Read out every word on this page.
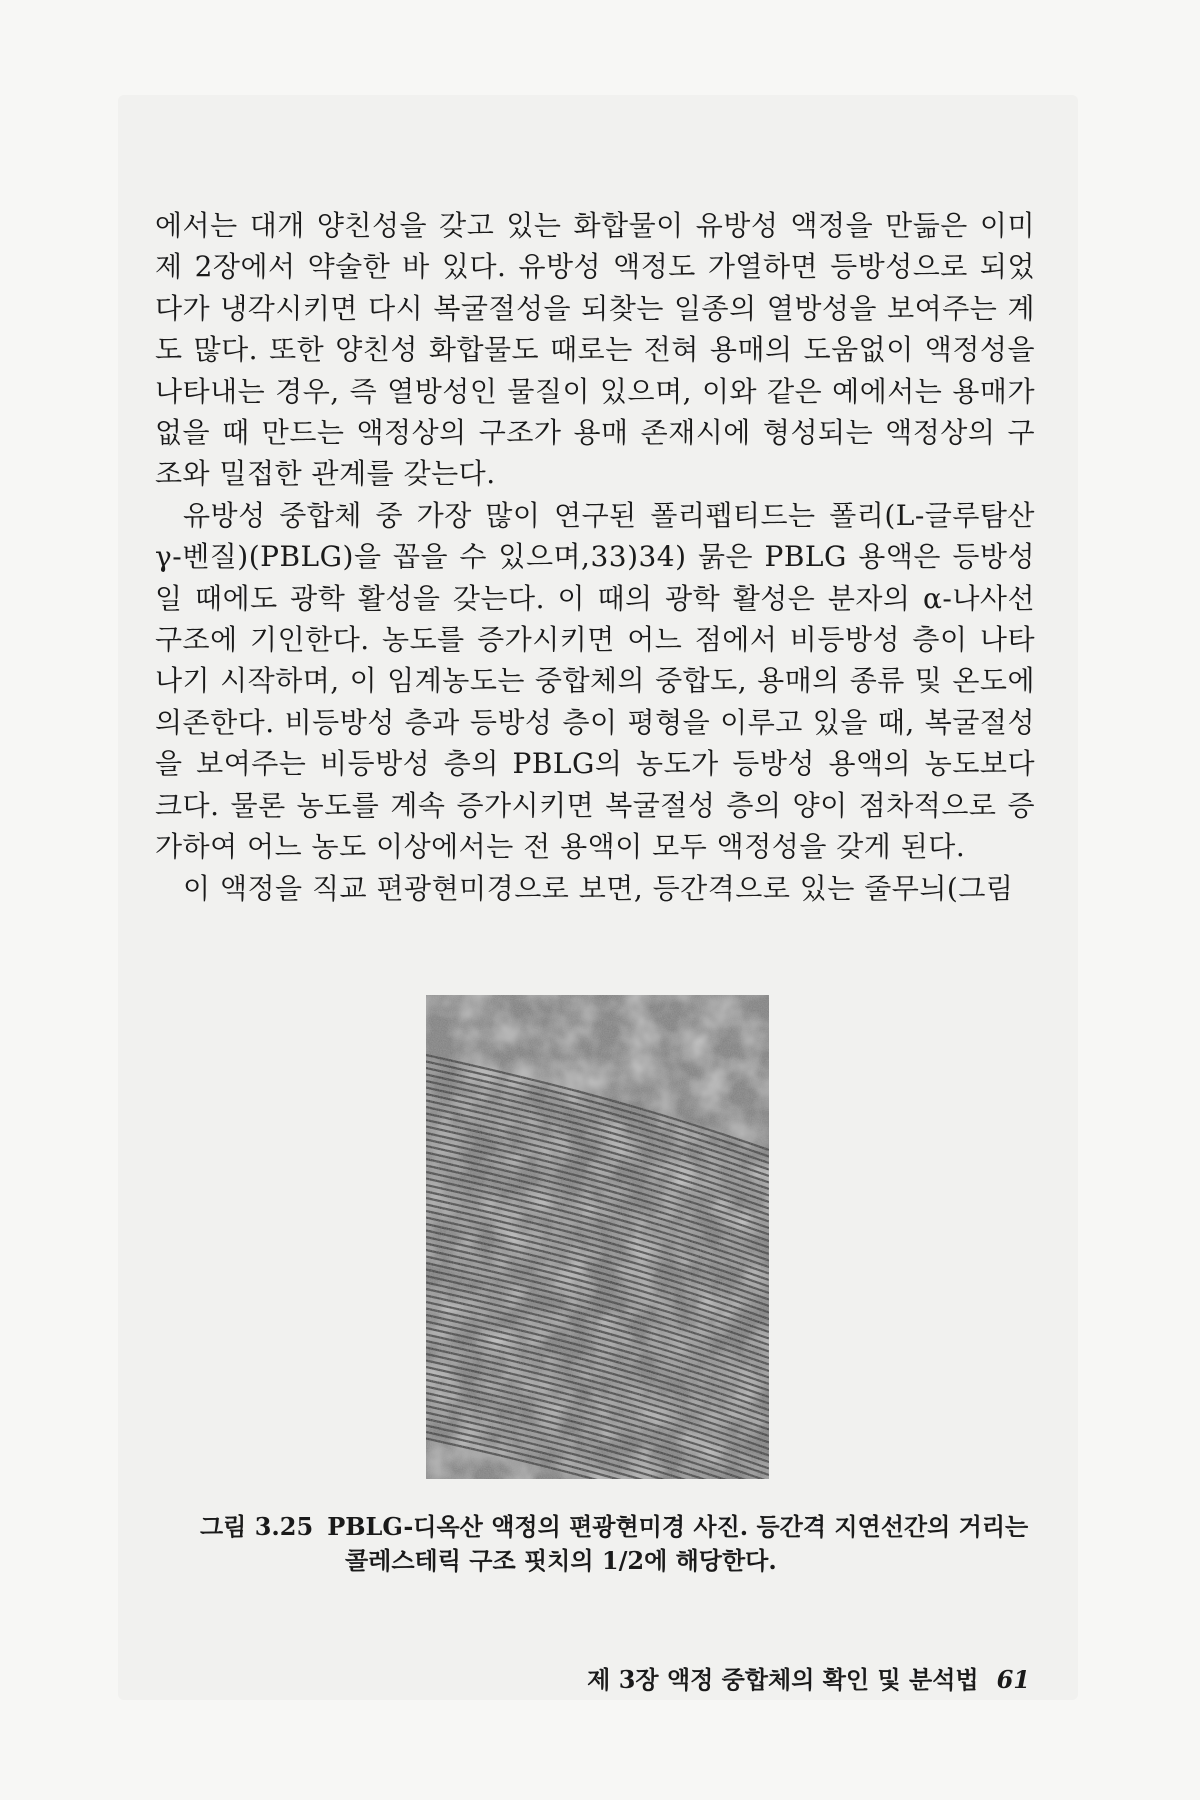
에서는 대개 양친성을 갖고 있는 화합물이 유방성 액정을 만듦은 이미 제 2장에서 약술한 바 있다. 유방성 액정도 가열하면 등방성으로 되었다가 냉각시키면 다시 복굴절성을 되찾는 일종의 열방성을 보여주는 계도 많다. 또한 양친성 화합물도 때로는 전혀 용매의 도움없이 액정성을 나타내는 경우, 즉 열방성인 물질이 있으며, 이와 같은 예에서는 용매가 없을 때 만드는 액정상의 구조가 용매 존재시에 형성되는 액정상의 구조와 밀접한 관계를 갖는다.

유방성 중합체 중 가장 많이 연구된 폴리펩티드는 폴리(L-글루탐산 γ-벤질)(PBLG)을 꼽을 수 있으며,33)34) 묽은 PBLG 용액은 등방성일 때에도 광학 활성을 갖는다. 이 때의 광학 활성은 분자의 α-나사선 구조에 기인한다. 농도를 증가시키면 어느 점에서 비등방성 층이 나타나기 시작하며, 이 임계농도는 중합체의 중합도, 용매의 종류 및 온도에 의존한다. 비등방성 층과 등방성 층이 평형을 이루고 있을 때, 복굴절성을 보여주는 비등방성 층의 PBLG의 농도가 등방성 용액의 농도보다 크다. 물론 농도를 계속 증가시키면 복굴절성 층의 양이 점차적으로 증가하여 어느 농도 이상에서는 전 용액이 모두 액정성을 갖게 된다.

이 액정을 직교 편광현미경으로 보면, 등간격으로 있는 줄무늬(그림

그림 3.25 PBLG-디옥산 액정의 편광현미경 사진. 등간격 지연선간의 거리는
콜레스테릭 구조 핏치의 1/2에 해당한다.
제 3장 액정 중합체의 확인 및 분석법 61
